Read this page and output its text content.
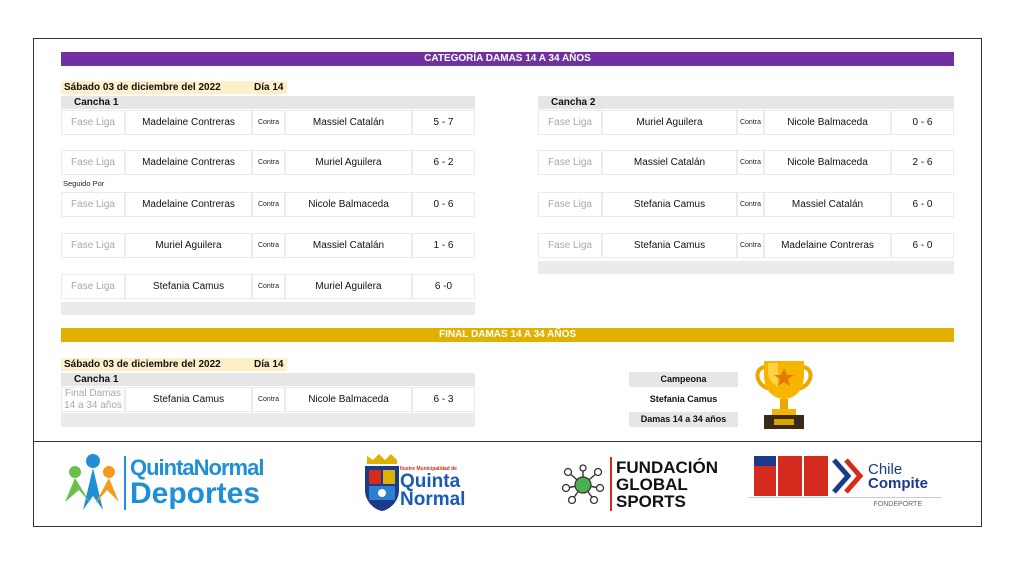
CATEGORÍA DAMAS 14 A 34 AÑOS
Sábado 03 de diciembre del 2022	Día 14
Cancha 1	Cancha 2
Fase Liga	Madelaine Contreras	Contra	Massiel Catalán	5 - 7
Fase Liga	Madelaine Contreras	Contra	Muriel Aguilera	6 - 2
Fase Liga	Madelaine Contreras	Contra	Nicole Balmaceda	0 - 6
Fase Liga	Muriel Aguilera	Contra	Massiel Catalán	1 - 6
Fase Liga	Stefania Camus	Contra	Muriel Aguilera	6 -0
Fase Liga	Muriel Aguilera	Contra	Nicole Balmaceda	0 - 6
Fase Liga	Massiel Catalán	Contra	Nicole Balmaceda	2 - 6
Fase Liga	Stefania Camus	Contra	Massiel Catalán	6 - 0
Fase Liga	Stefania Camus	Contra	Madelaine Contreras	6 - 0
Seguido Por
FINAL DAMAS 14 A 34 AÑOS
Sábado 03 de diciembre del 2022	Día 14
Cancha 1
Final Damas 14 a 34 años	Stefania Camus	Contra	Nicole Balmaceda	6 - 3
Campeona
Stefania Camus
Damas 14 a 34 años
QuintaNormal
Deportes
Ilustre Municipalidad de
Quinta
Normal
FUNDACIÓN
GLOBAL
SPORTS
Chile
Compite
FONDEPORTE
